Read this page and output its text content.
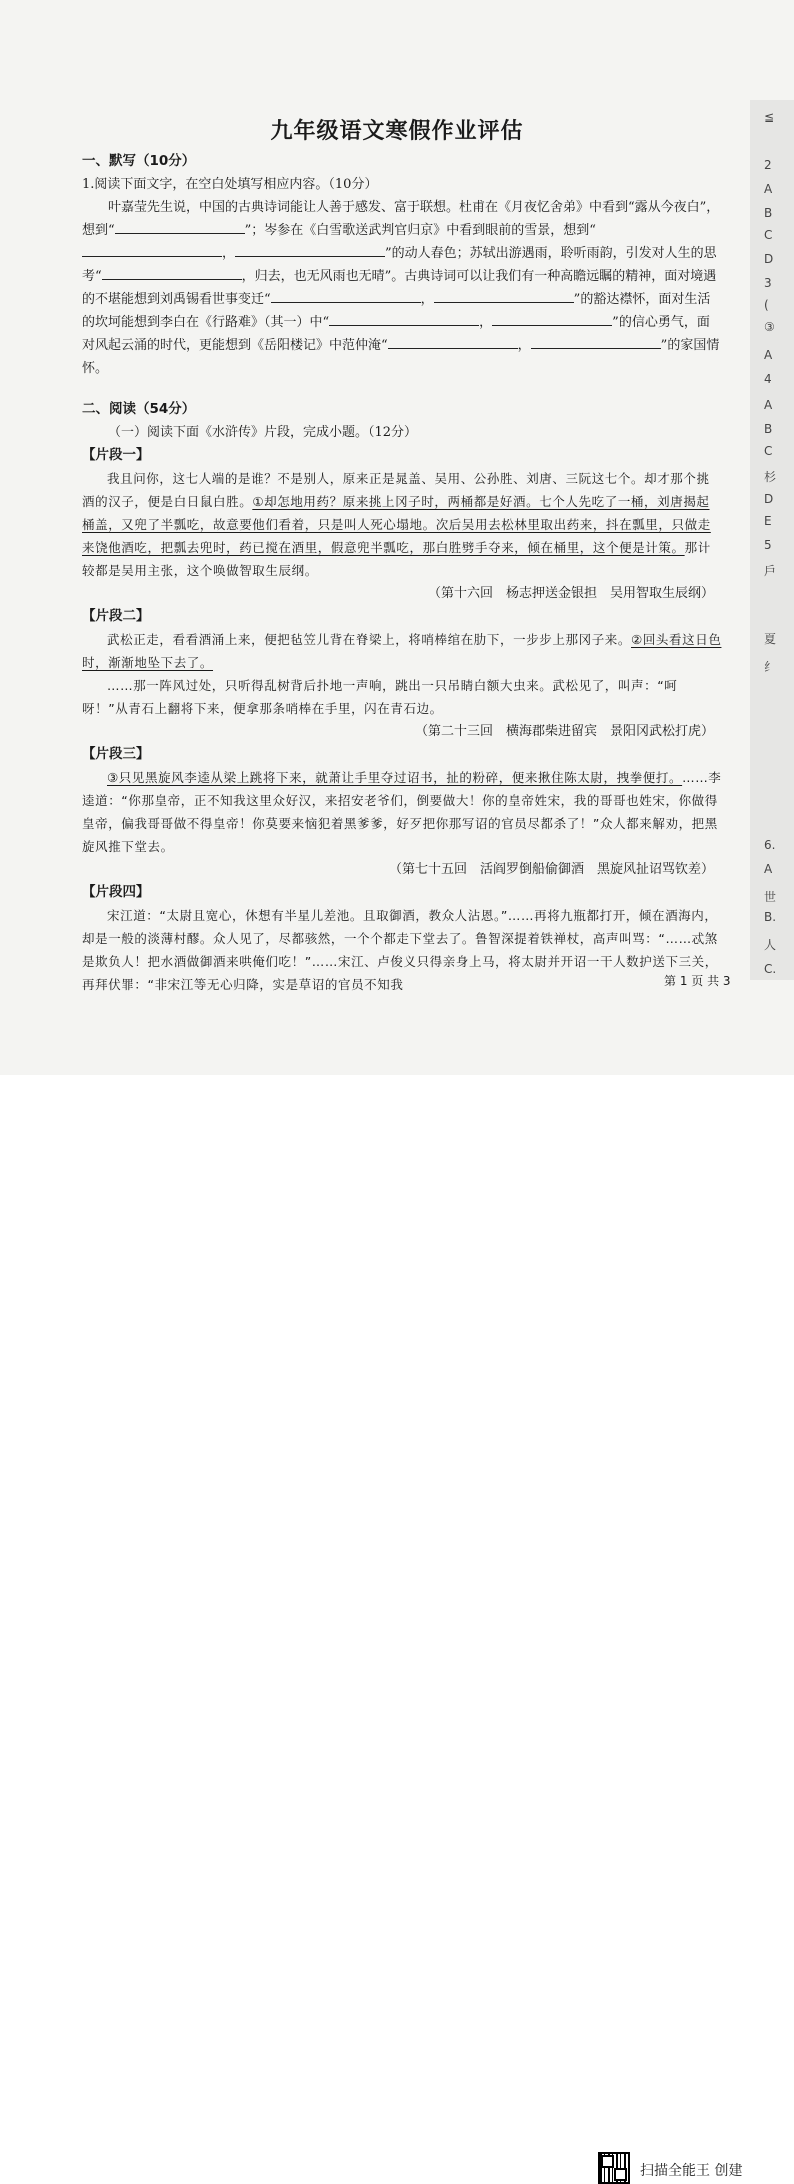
九年级语文寒假作业评估
一、默写（10分）
1.阅读下面文字，在空白处填写相应内容。（10分）
叶嘉莹先生说，中国的古典诗词能让人善于感发、富于联想。杜甫在《月夜忆舍弟》中看到“露从今夜白”，想到“	”；岑参在《白雪歌送武判官归京》中看到眼前的雪景，想到“，	”的动人春色；苏轼出游遇雨，聆听雨韵，引发对人生的思考“	，归去，也无风雨也无晴”。古典诗词可以让我们有一种高瞻远瞩的精神，面对境遇的不堪能想到刘禹锡看世事变迁“	，	”的豁达襟怀，面对生活的坎坷能想到李白在《行路难》（其一）中“	，	”的信心勇气，面对风起云涌的时代，更能想到《岳阳楼记》中范仲淹“	，	”的家国情怀。
二、阅读（54分）
（一）阅读下面《水浒传》片段，完成小题。（12分）
【片段一】
我且问你，这七人端的是谁？不是别人，原来正是晁盖、吴用、公孙胜、刘唐、三阮这七个。却才那个挑酒的汉子，便是白日鼠白胜。①却怎地用药？原来挑上冈子时，两桶都是好酒。七个人先吃了一桶，刘唐揭起桶盖，又兜了半瓢吃，故意要他们看着，只是叫人死心塌地。次后吴用去松林里取出药来，抖在瓢里，只做走来饶他酒吃，把瓢去兜时，药已搅在酒里，假意兜半瓢吃，那白胜劈手夺来，倾在桶里，这个便是计策。那计较都是吴用主张，这个唤做智取生辰纲。
（第十六回　杨志押送金银担　吴用智取生辰纲）
【片段二】
武松正走，看看酒涌上来，便把毡笠儿背在脊梁上，将哨棒绾在肋下，一步步上那冈子来。②回头看这日色时，渐渐地坠下去了。
……那一阵风过处，只听得乱树背后扑地一声响，跳出一只吊睛白额大虫来。武松见了，叫声：“呵呀！”从青石上翻将下来，便拿那条哨棒在手里，闪在青石边。
（第二十三回　横海郡柴进留宾　景阳冈武松打虎）
【片段三】
③只见黑旋风李逵从梁上跳将下来，就萧让手里夺过诏书，扯的粉碎，便来揪住陈太尉，拽拳便打。……李逵道：“你那皇帝，正不知我这里众好汉，来招安老爷们，倒要做大！你的皇帝姓宋，我的哥哥也姓宋，你做得皇帝，偏我哥哥做不得皇帝！你莫要来恼犯着黑爹爹，好歹把你那写诏的官员尽都杀了！”众人都来解劝，把黑旋风推下堂去。
（第七十五回　活阎罗倒船偷御酒　黑旋风扯诏骂钦差）
【片段四】
宋江道：“太尉且宽心，休想有半星儿差池。且取御酒，教众人沾恩。”……再将九瓶都打开，倾在酒海内，却是一般的淡薄村醪。众人见了，尽都骇然，一个个都走下堂去了。鲁智深提着铁禅杖，高声叫骂：“……忒煞是欺负人！把水酒做御酒来哄俺们吃！”……宋江、卢俊义只得亲身上马，将太尉并开诏一干人数护送下三关，再拜伏罪：“非宋江等无心归降，实是草诏的官员不知我
≦
2
A
B
C
D
3
(
③
A
4
A
B
C
杉
D
E
5
戶
夏
纟
6.
A
世
B.
人
C.
第 1 页 共 3
扫描全能王 创建
